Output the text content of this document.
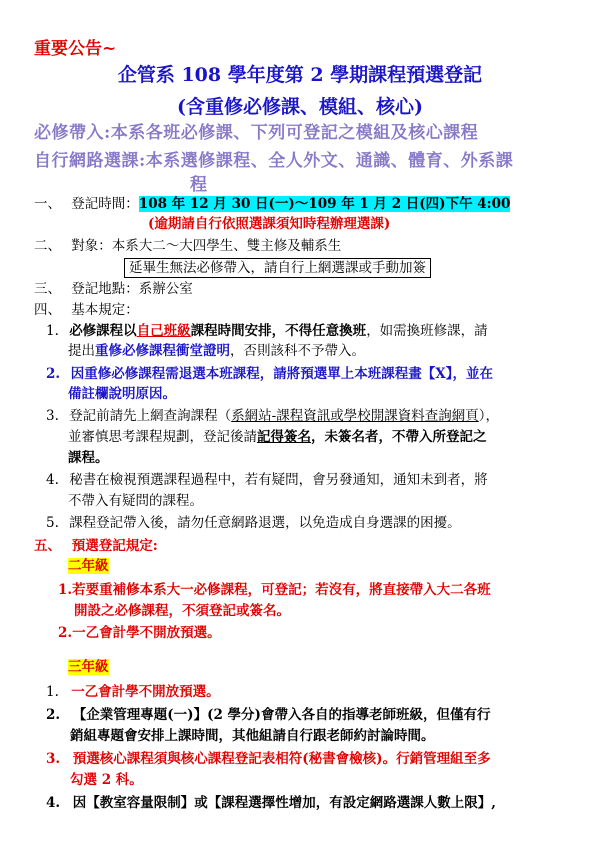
重要公告~
企管系 108 學年度第 2 學期課程預選登記
(含重修必修課、模組、核心)
必修帶入:本系各班必修課、下列可登記之模組及核心課程
自行網路選課:本系選修課程、全人外文、通識、體育、外系課
程
一、 登記時間：108 年 12 月 30 日(一)～109 年 1 月 2 日(四)下午 4:00
(逾期請自行依照選課須知時程辦理選課)
二、 對象：本系大二～大四學生、雙主修及輔系生
延畢生無法必修帶入，請自行上網選課或手動加簽
三、 登記地點：系辦公室
四、 基本規定：
1. 必修課程以自己班級課程時間安排，不得任意換班，如需換班修課，請
提出重修必修課程衝堂證明，否則該科不予帶入。
2. 因重修必修課程需退選本班課程，請將預選單上本班課程畫【X】，並在
備註欄說明原因。
3. 登記前請先上網查詢課程（系網站-課程資訊或學校開課資料查詢網頁），
並審慎思考課程規劃，登記後請記得簽名，未簽名者，不帶入所登記之
課程。
4. 秘書在檢視預選課程過程中，若有疑問，會另發通知，通知未到者，將
不帶入有疑問的課程。
5. 課程登記帶入後，請勿任意網路退選，以免造成自身選課的困擾。
五、 預選登記規定:
二年級
1.若要重補修本系大一必修課程，可登記；若沒有，將直接帶入大二各班
開設之必修課程，不須登記或簽名。
2.一乙會計學不開放預選。
三年級
1. 一乙會計學不開放預選。
2. 【企業管理專題(一)】(2 學分)會帶入各自的指導老師班級，但僅有行
銷組專題會安排上課時間，其他組請自行跟老師約討論時間。
3. 預選核心課程須與核心課程登記表相符(秘書會檢核)。行銷管理組至多
勾選 2 科。
4. 因【教室容量限制】或【課程選擇性增加，有設定網路選課人數上限】,
